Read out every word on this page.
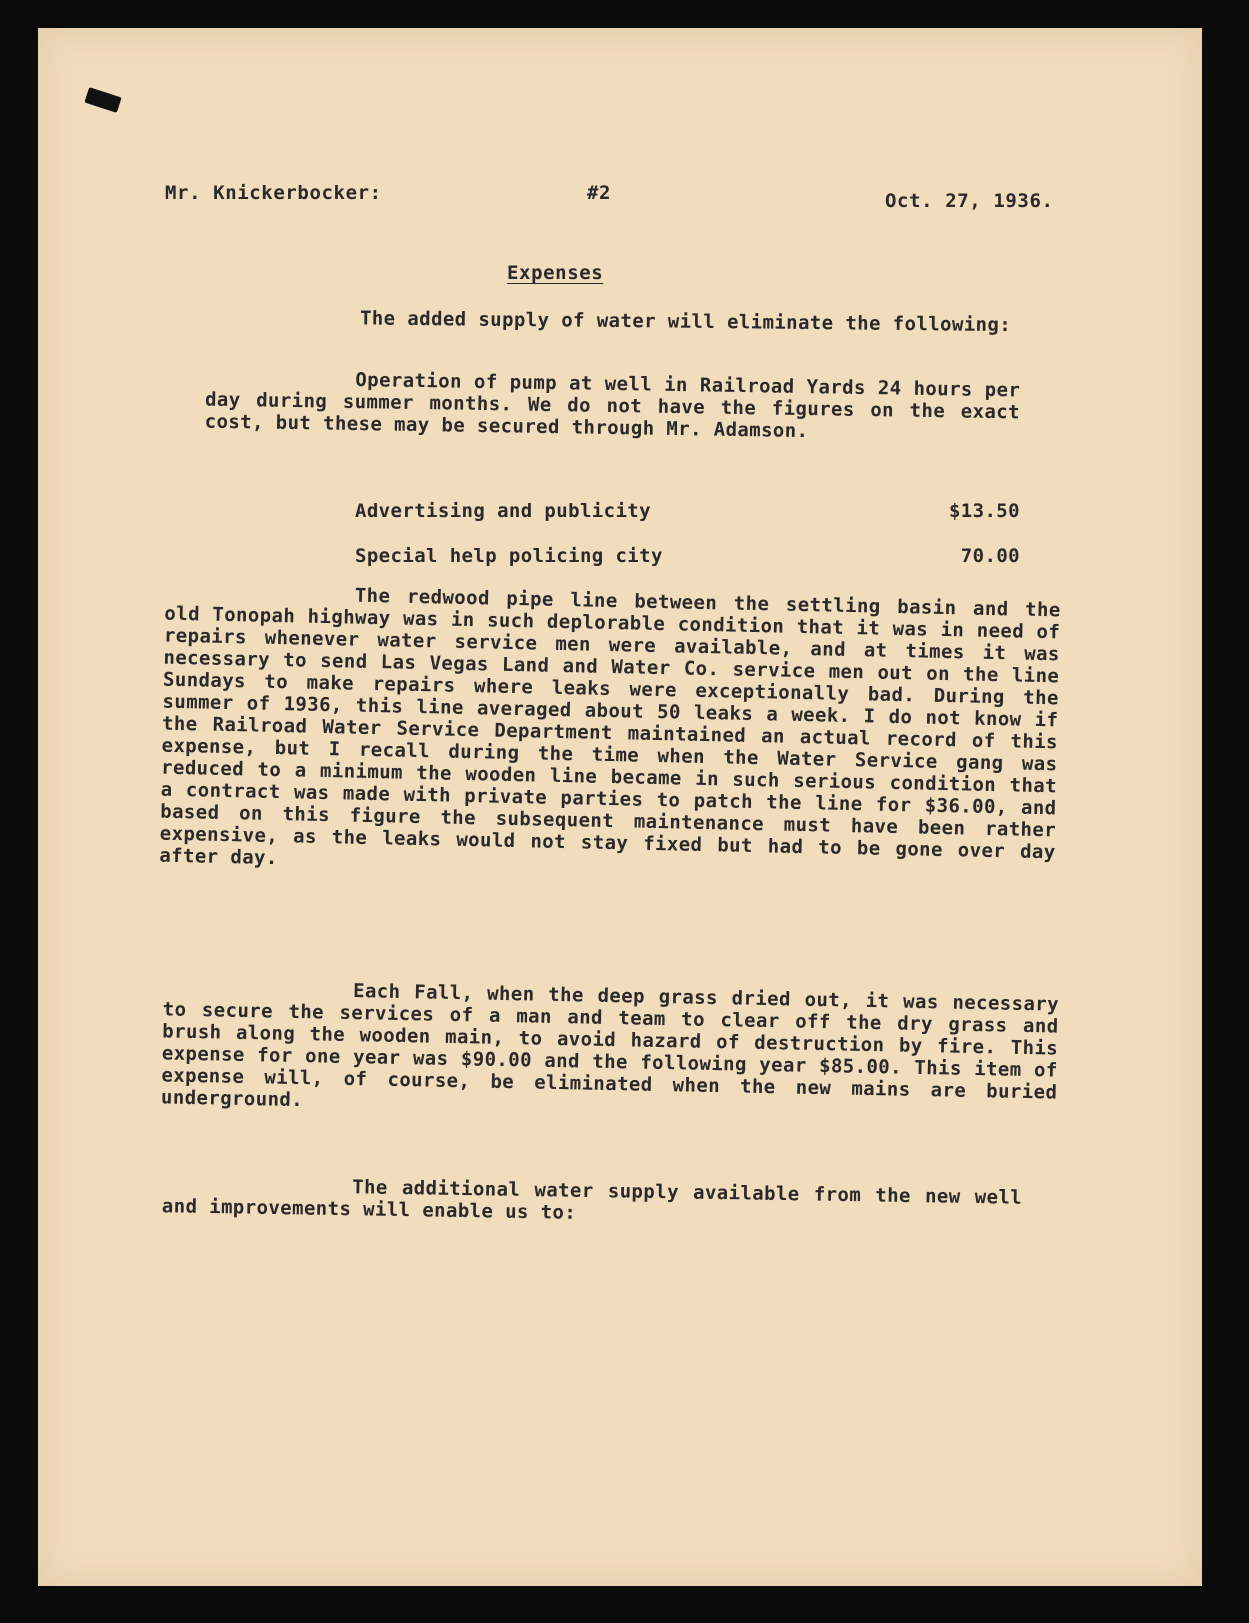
Mr. Knickerbocker:	#2	Oct. 27, 1936.
Expenses
The added supply of water will eliminate the following:
Operation of pump at well in Railroad Yards 24 hours per day during summer months. We do not have the figures on the exact cost, but these may be secured through Mr. Adamson.
Advertising and publicity	$13.50
Special help policing city	70.00
The redwood pipe line between the settling basin and the old Tonopah highway was in such deplorable condition that it was in need of repairs whenever water service men were available, and at times it was necessary to send Las Vegas Land and Water Co. service men out on the line Sundays to make repairs where leaks were exceptionally bad. During the summer of 1936, this line averaged about 50 leaks a week. I do not know if the Railroad Water Service Department maintained an actual record of this expense, but I recall during the time when the Water Service gang was reduced to a minimum the wooden line became in such serious condition that a contract was made with private parties to patch the line for $36.00, and based on this figure the subsequent maintenance must have been rather expensive, as the leaks would not stay fixed but had to be gone over day after day.
Each Fall, when the deep grass dried out, it was necessary to secure the services of a man and team to clear off the dry grass and brush along the wooden main, to avoid hazard of destruction by fire. This expense for one year was $90.00 and the following year $85.00. This item of expense will, of course, be eliminated when the new mains are buried underground.
The additional water supply available from the new well and improvements will enable us to:
